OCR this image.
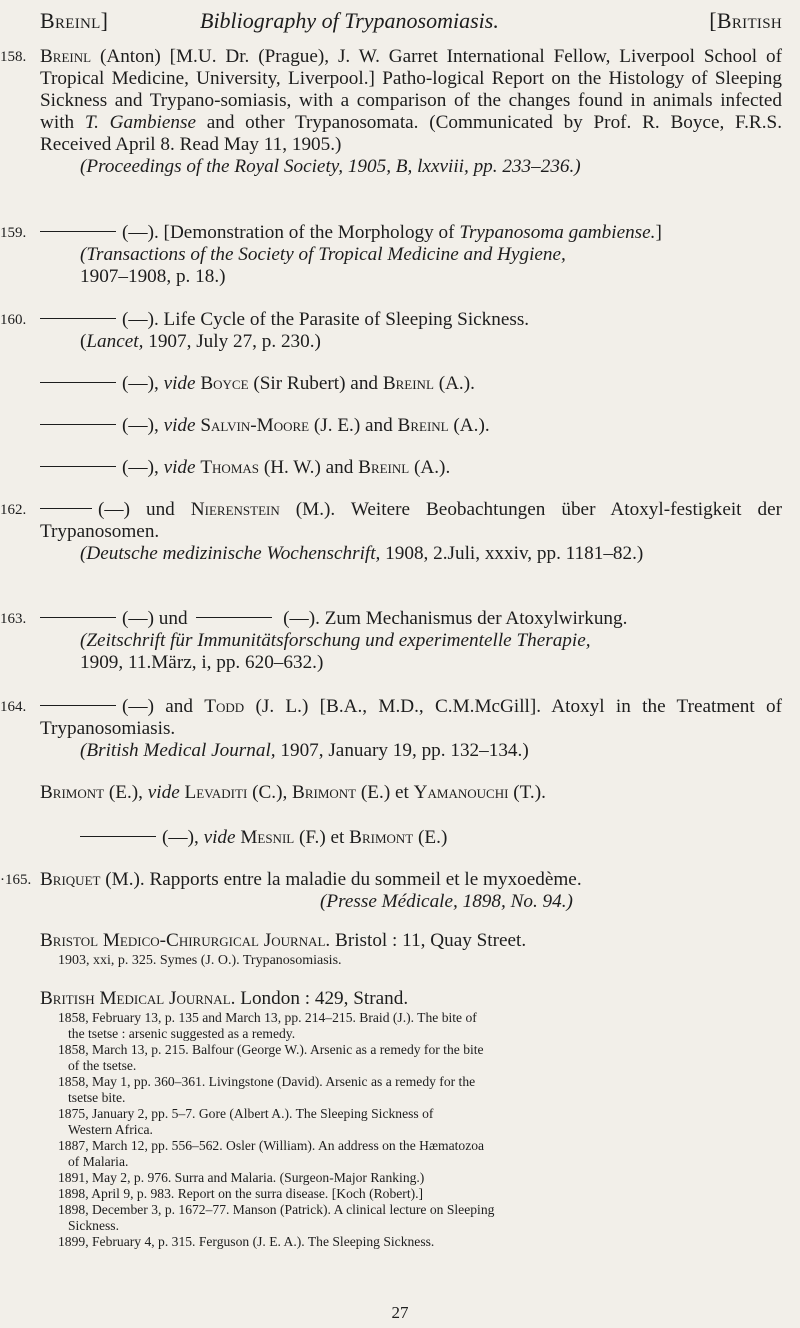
Breinl]	Bibliography of Trypanosomiasis.	[British
158. Breinl (Anton) [M.U. Dr. (Prague), J. W. Garret International Fellow, Liverpool School of Tropical Medicine, University, Liverpool.] Patho-logical Report on the Histology of Sleeping Sickness and Trypano-somiasis, with a comparison of the changes found in animals infected with T. Gambiense and other Trypanosomata. (Communicated by Prof. R. Boyce, F.R.S. Received April 8. Read May 11, 1905.)

(Proceedings of the Royal Society, 1905, B, lxxviii, pp. 233–236.)

159.	(—). [Demonstration of the Morphology of Trypanosoma gambiense.]

(Transactions of the Society of Tropical Medicine and Hygiene,
1907–1908, p. 18.)

160.	(—). Life Cycle of the Parasite of Sleeping Sickness.

(Lancet, 1907, July 27, p. 230.)

(—), vide Boyce (Sir Rubert) and Breinl (A.).

(—), vide Salvin-Moore (J. E.) and Breinl (A.).

(—), vide Thomas (H. W.) and Breinl (A.).

162.	(—) und Nierenstein (M.). Weitere Beobachtungen über Atoxyl-festigkeit der Trypanosomen.

(Deutsche medizinische Wochenschrift, 1908, 2.Juli, xxxiv, pp. 1181–82.)

163.	(—) und	(—). Zum Mechanismus der Atoxylwirkung.

(Zeitschrift für Immunitätsforschung und experimentelle Therapie,
1909, 11.März, i, pp. 620–632.)

164.	(—) and Todd (J. L.) [B.A., M.D., C.M.McGill]. Atoxyl in the Treatment of Trypanosomiasis.

(British Medical Journal, 1907, January 19, pp. 132–134.)

Brimont (E.), vide Levaditi (C.), Brimont (E.) et Yamanouchi (T.).

(—), vide Mesnil (F.) et Brimont (E.)

·165. Briquet (M.). Rapports entre la maladie du sommeil et le myxoedème.

(Presse Médicale, 1898, No. 94.)

Bristol Medico-Chirurgical Journal. Bristol : 11, Quay Street.

1903, xxi, p. 325. Symes (J. O.). Trypanosomiasis.

British Medical Journal. London : 429, Strand.

1858, February 13, p. 135 and March 13, pp. 214–215. Braid (J.). The bite of
the tsetse : arsenic suggested as a remedy.

1858, March 13, p. 215. Balfour (George W.). Arsenic as a remedy for the bite
of the tsetse.

1858, May 1, pp. 360–361. Livingstone (David). Arsenic as a remedy for the
tsetse bite.

1875, January 2, pp. 5–7. Gore (Albert A.). The Sleeping Sickness of
Western Africa.

1887, March 12, pp. 556–562. Osler (William). An address on the Hæmatozoa
of Malaria.

1891, May 2, p. 976. Surra and Malaria. (Surgeon-Major Ranking.)

1898, April 9, p. 983. Report on the surra disease. [Koch (Robert).]

1898, December 3, p. 1672–77. Manson (Patrick). A clinical lecture on Sleeping
Sickness.

1899, February 4, p. 315. Ferguson (J. E. A.). The Sleeping Sickness.

27
